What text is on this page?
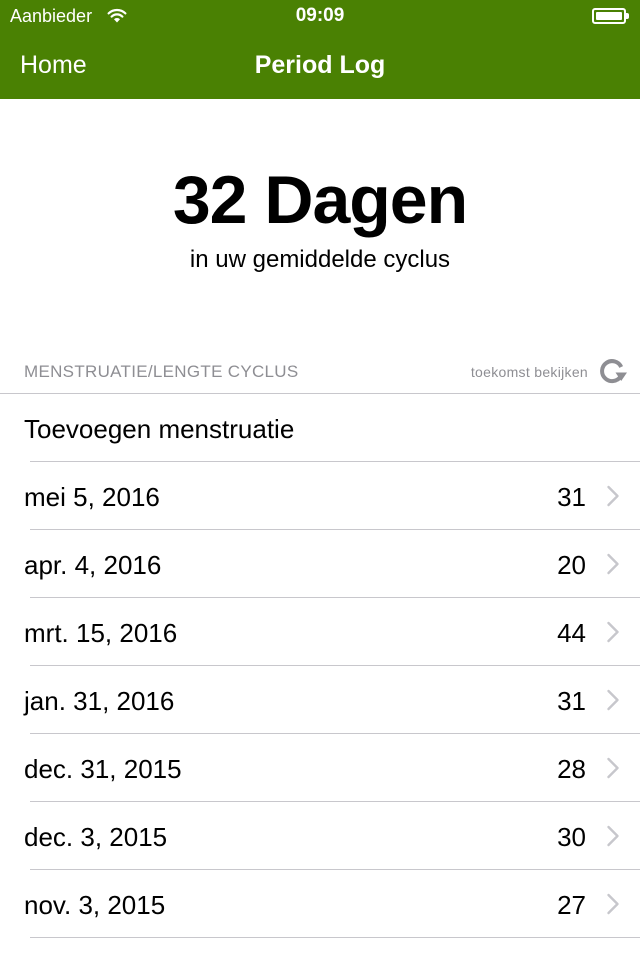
Aanbieder	09:09
Home	Period Log
32 Dagen
in uw gemiddelde cyclus
MENSTRUATIE/LENGTE CYCLUS	toekomst bekijken
Toevoegen menstruatie
mei 5, 2016	31
apr. 4, 2016	20
mrt. 15, 2016	44
jan. 31, 2016	31
dec. 31, 2015	28
dec. 3, 2015	30
nov. 3, 2015	27
